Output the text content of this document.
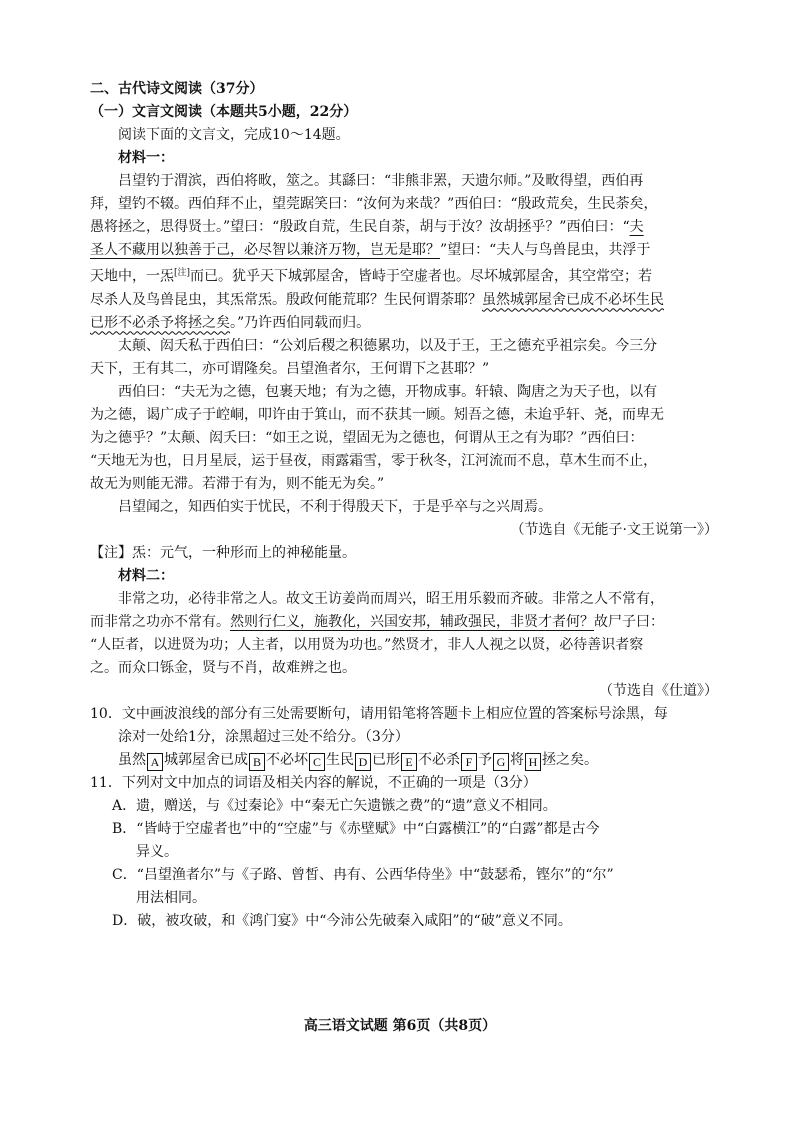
二、古代诗文阅读（37分）
（一）文言文阅读（本题共5小题，22分）
阅读下面的文言文，完成10～14题。
材料一：
吕望钓于渭滨，西伯将畋，筮之。其繇曰：“非熊非罴，天遗尔师。”及畋得望，西伯再
拜，望钓不辍。西伯拜不止，望莞踞笑曰：“汝何为来哉？”西伯曰：“殷政荒矣，生民荼矣，
愚将拯之，思得贤士。”望曰：“殷政自荒，生民自荼，胡与于汝？汝胡拯乎？”西伯曰：“夫
圣人不藏用以独善于己，必尽智以兼济万物，岂无是耶？”望曰：“夫人与鸟兽昆虫，共浮于
天地中，一炁[注]而已。犹乎天下城郭屋舍，皆峙于空虚者也。尽坏城郭屋舍，其空常空；若
尽杀人及鸟兽昆虫，其炁常炁。殷政何能荒耶？生民何谓荼耶？虽然城郭屋舍已成不必坏生民
已形不必杀予将拯之矣。”乃许西伯同载而归。
太颠、闳夭私于西伯曰：“公刘后稷之积德累功，以及于王，王之德充乎祖宗矣。今三分
天下，王有其二，亦可谓隆矣。吕望渔者尔，王何谓下之甚耶？”
西伯曰：“夫无为之德，包裹天地；有为之德，开物成事。轩辕、陶唐之为天子也，以有
为之德，谒广成子于崆峒，叩许由于箕山，而不获其一顾。矧吾之德，未迨乎轩、尧，而卑无
为之德乎？”太颠、闳夭曰：“如王之说，望固无为之德也，何谓从王之有为耶？”西伯曰：
“天地无为也，日月星辰，运于昼夜，雨露霜雪，零于秋冬，江河流而不息，草木生而不止，
故无为则能无滞。若滞于有为，则不能无为矣。”
吕望闻之，知西伯实于忧民，不利于得殷天下，于是乎卒与之兴周焉。
（节选自《无能子·文王说第一》）
【注】炁：元气，一种形而上的神秘能量。
材料二：
非常之功，必待非常之人。故文王访姜尚而周兴，昭王用乐毅而齐破。非常之人不常有，
而非常之功亦不常有。然则行仁义，施教化，兴国安邦，辅政强民，非贤才者何？故尸子曰：
“人臣者，以进贤为功；人主者，以用贤为功也。”然贤才，非人人视之以贤，必待善识者察
之。而众口铄金，贤与不肖，故难辨之也。
（节选自《仕道》）
10．文中画波浪线的部分有三处需要断句，请用铅笔将答题卡上相应位置的答案标号涂黑，每
涂对一处给1分，涂黑超过三处不给分。（3分）
虽然 A 城郭屋舍已成 B 不必坏 C 生民 D 已形 E 不必杀 F 予 G 将 H 拯之矣。
11．下列对文中加点的词语及相关内容的解说，不正确的一项是（3分）
A．遗，赠送，与《过秦论》中“秦无亡矢遗镞之费”的“遗”意义不相同。
B．“皆峙于空虚者也”中的“空虚”与《赤壁赋》中“白露横江”的“白露”都是古今
异义。
C．“吕望渔者尔”与《子路、曾皙、冉有、公西华侍坐》中“鼓瑟希，铿尔”的“尔”
用法相同。
D．破，被攻破，和《鸿门宴》中“今沛公先破秦入咸阳”的“破”意义不同。
高三语文试题 第6页（共8页）
